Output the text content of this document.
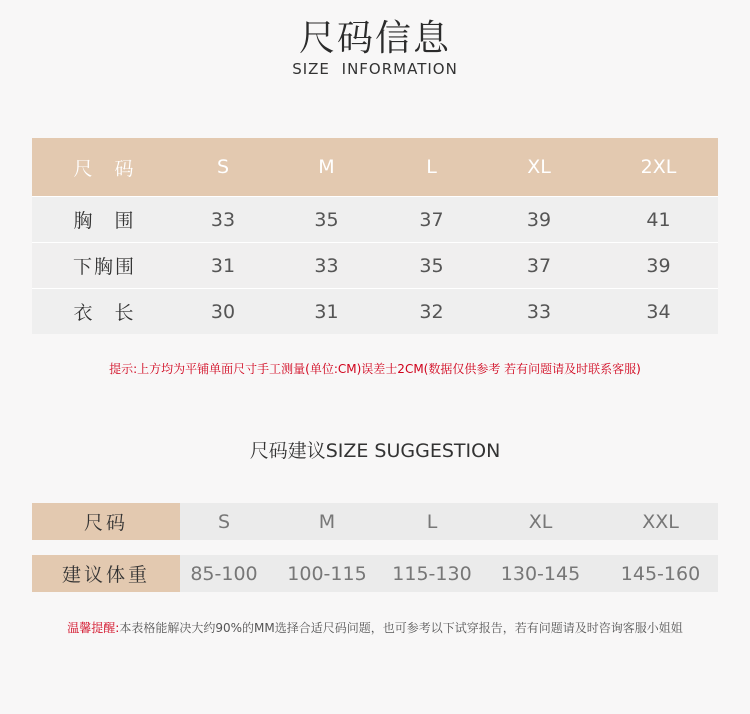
尺码信息
SIZE INFORMATION
尺 码	S	M	L	XL	2XL
胸 围	33	35	37	39	41
下胸围	31	33	35	37	39
衣 长	30	31	32	33	34
提示:上方均为平铺单面尺寸手工测量(单位:CM)误差士2CM(数据仅供参考 若有问题请及时联系客服)
尺码建议SIZE SUGGESTION
尺码	S	M	L	XL	XXL
建议体重	85-100	100-115	115-130	130-145	145-160
温馨提醒:本表格能解决大约90%的MM选择合适尺码问题，也可参考以下试穿报告，若有问题请及时咨询客服小姐姐
